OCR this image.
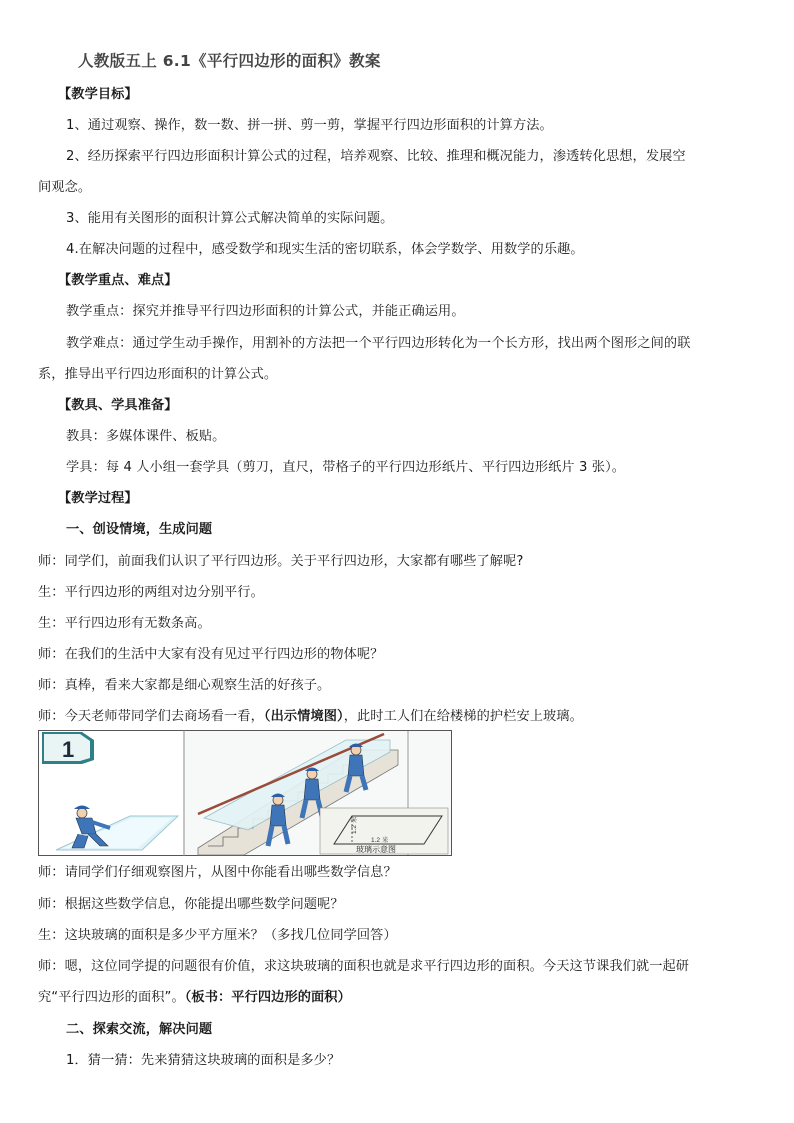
人教版五上 6.1《平行四边形的面积》教案
【教学目标】
1、通过观察、操作，数一数、拼一拼、剪一剪，掌握平行四边形面积的计算方法。
2、经历探索平行四边形面积计算公式的过程，培养观察、比较、推理和概况能力，渗透转化思想，发展空
间观念。
3、能用有关图形的面积计算公式解决简单的实际问题。
4.在解决问题的过程中，感受数学和现实生活的密切联系，体会学数学、用数学的乐趣。
【教学重点、难点】
教学重点：探究并推导平行四边形面积的计算公式，并能正确运用。
教学难点：通过学生动手操作，用割补的方法把一个平行四边形转化为一个长方形，找出两个图形之间的联
系，推导出平行四边形面积的计算公式。
【教具、学具准备】
教具：多媒体课件、板贴。
学具：每 4 人小组一套学具（剪刀，直尺，带格子的平行四边形纸片、平行四边形纸片 3 张）。
【教学过程】
一、创设情境，生成问题
师：同学们，前面我们认识了平行四边形。关于平行四边形，大家都有哪些了解呢?
生：平行四边形的两组对边分别平行。
生：平行四边形有无数条高。
师：在我们的生活中大家有没有见过平行四边形的物体呢？
师：真棒，看来大家都是细心观察生活的好孩子。
师：今天老师带同学们去商场看一看，（出示情境图），此时工人们在给楼梯的护栏安上玻璃。
1
1.2 米
1.2 米
玻璃示意图
师：请同学们仔细观察图片，从图中你能看出哪些数学信息？
师：根据这些数学信息，你能提出哪些数学问题呢？
生：这块玻璃的面积是多少平方厘米？（多找几位同学回答）
师：嗯，这位同学提的问题很有价值，求这块玻璃的面积也就是求平行四边形的面积。今天这节课我们就一起研
究“平行四边形的面积”。（板书：平行四边形的面积）
二、探索交流，解决问题
1．猜一猜：先来猜猜这块玻璃的面积是多少？
